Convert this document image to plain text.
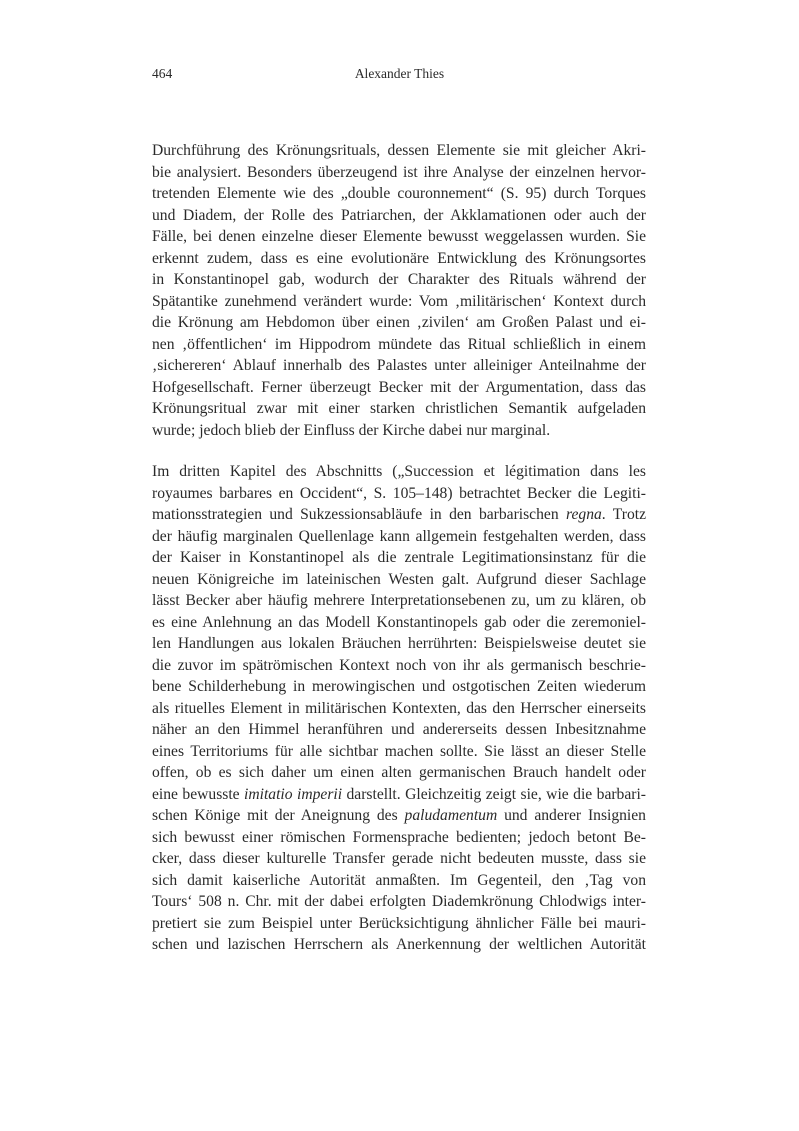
464	Alexander Thies
Durchführung des Krönungsrituals, dessen Elemente sie mit gleicher Akri-
bie analysiert. Besonders überzeugend ist ihre Analyse der einzelnen hervor-
tretenden Elemente wie des „double couronnement“ (S. 95) durch Torques
und Diadem, der Rolle des Patriarchen, der Akklamationen oder auch der
Fälle, bei denen einzelne dieser Elemente bewusst weggelassen wurden. Sie
erkennt zudem, dass es eine evolutionäre Entwicklung des Krönungsortes
in Konstantinopel gab, wodurch der Charakter des Rituals während der
Spätantike zunehmend verändert wurde: Vom ‚militärischen‘ Kontext durch
die Krönung am Hebdomon über einen ‚zivilen‘ am Großen Palast und ei-
nen ‚öffentlichen‘ im Hippodrom mündete das Ritual schließlich in einem
‚sichereren‘ Ablauf innerhalb des Palastes unter alleiniger Anteilnahme der
Hofgesellschaft. Ferner überzeugt Becker mit der Argumentation, dass das
Krönungsritual zwar mit einer starken christlichen Semantik aufgeladen
wurde; jedoch blieb der Einfluss der Kirche dabei nur marginal.
Im dritten Kapitel des Abschnitts („Succession et légitimation dans les
royaumes barbares en Occident“, S. 105–148) betrachtet Becker die Legiti-
mationsstrategien und Sukzessionsabläufe in den barbarischen regna. Trotz
der häufig marginalen Quellenlage kann allgemein festgehalten werden, dass
der Kaiser in Konstantinopel als die zentrale Legitimationsinstanz für die
neuen Königreiche im lateinischen Westen galt. Aufgrund dieser Sachlage
lässt Becker aber häufig mehrere Interpretationsebenen zu, um zu klären, ob
es eine Anlehnung an das Modell Konstantinopels gab oder die zeremoniel-
len Handlungen aus lokalen Bräuchen herrührten: Beispielsweise deutet sie
die zuvor im spätrömischen Kontext noch von ihr als germanisch beschrie-
bene Schilderhebung in merowingischen und ostgotischen Zeiten wiederum
als rituelles Element in militärischen Kontexten, das den Herrscher einerseits
näher an den Himmel heranführen und andererseits dessen Inbesitznahme
eines Territoriums für alle sichtbar machen sollte. Sie lässt an dieser Stelle
offen, ob es sich daher um einen alten germanischen Brauch handelt oder
eine bewusste imitatio imperii darstellt. Gleichzeitig zeigt sie, wie die barbari-
schen Könige mit der Aneignung des paludamentum und anderer Insignien
sich bewusst einer römischen Formensprache bedienten; jedoch betont Be-
cker, dass dieser kulturelle Transfer gerade nicht bedeuten musste, dass sie
sich damit kaiserliche Autorität anmaßten. Im Gegenteil, den ‚Tag von
Tours‘ 508 n. Chr. mit der dabei erfolgten Diademkrönung Chlodwigs inter-
pretiert sie zum Beispiel unter Berücksichtigung ähnlicher Fälle bei mauri-
schen und lazischen Herrschern als Anerkennung der weltlichen Autorität
